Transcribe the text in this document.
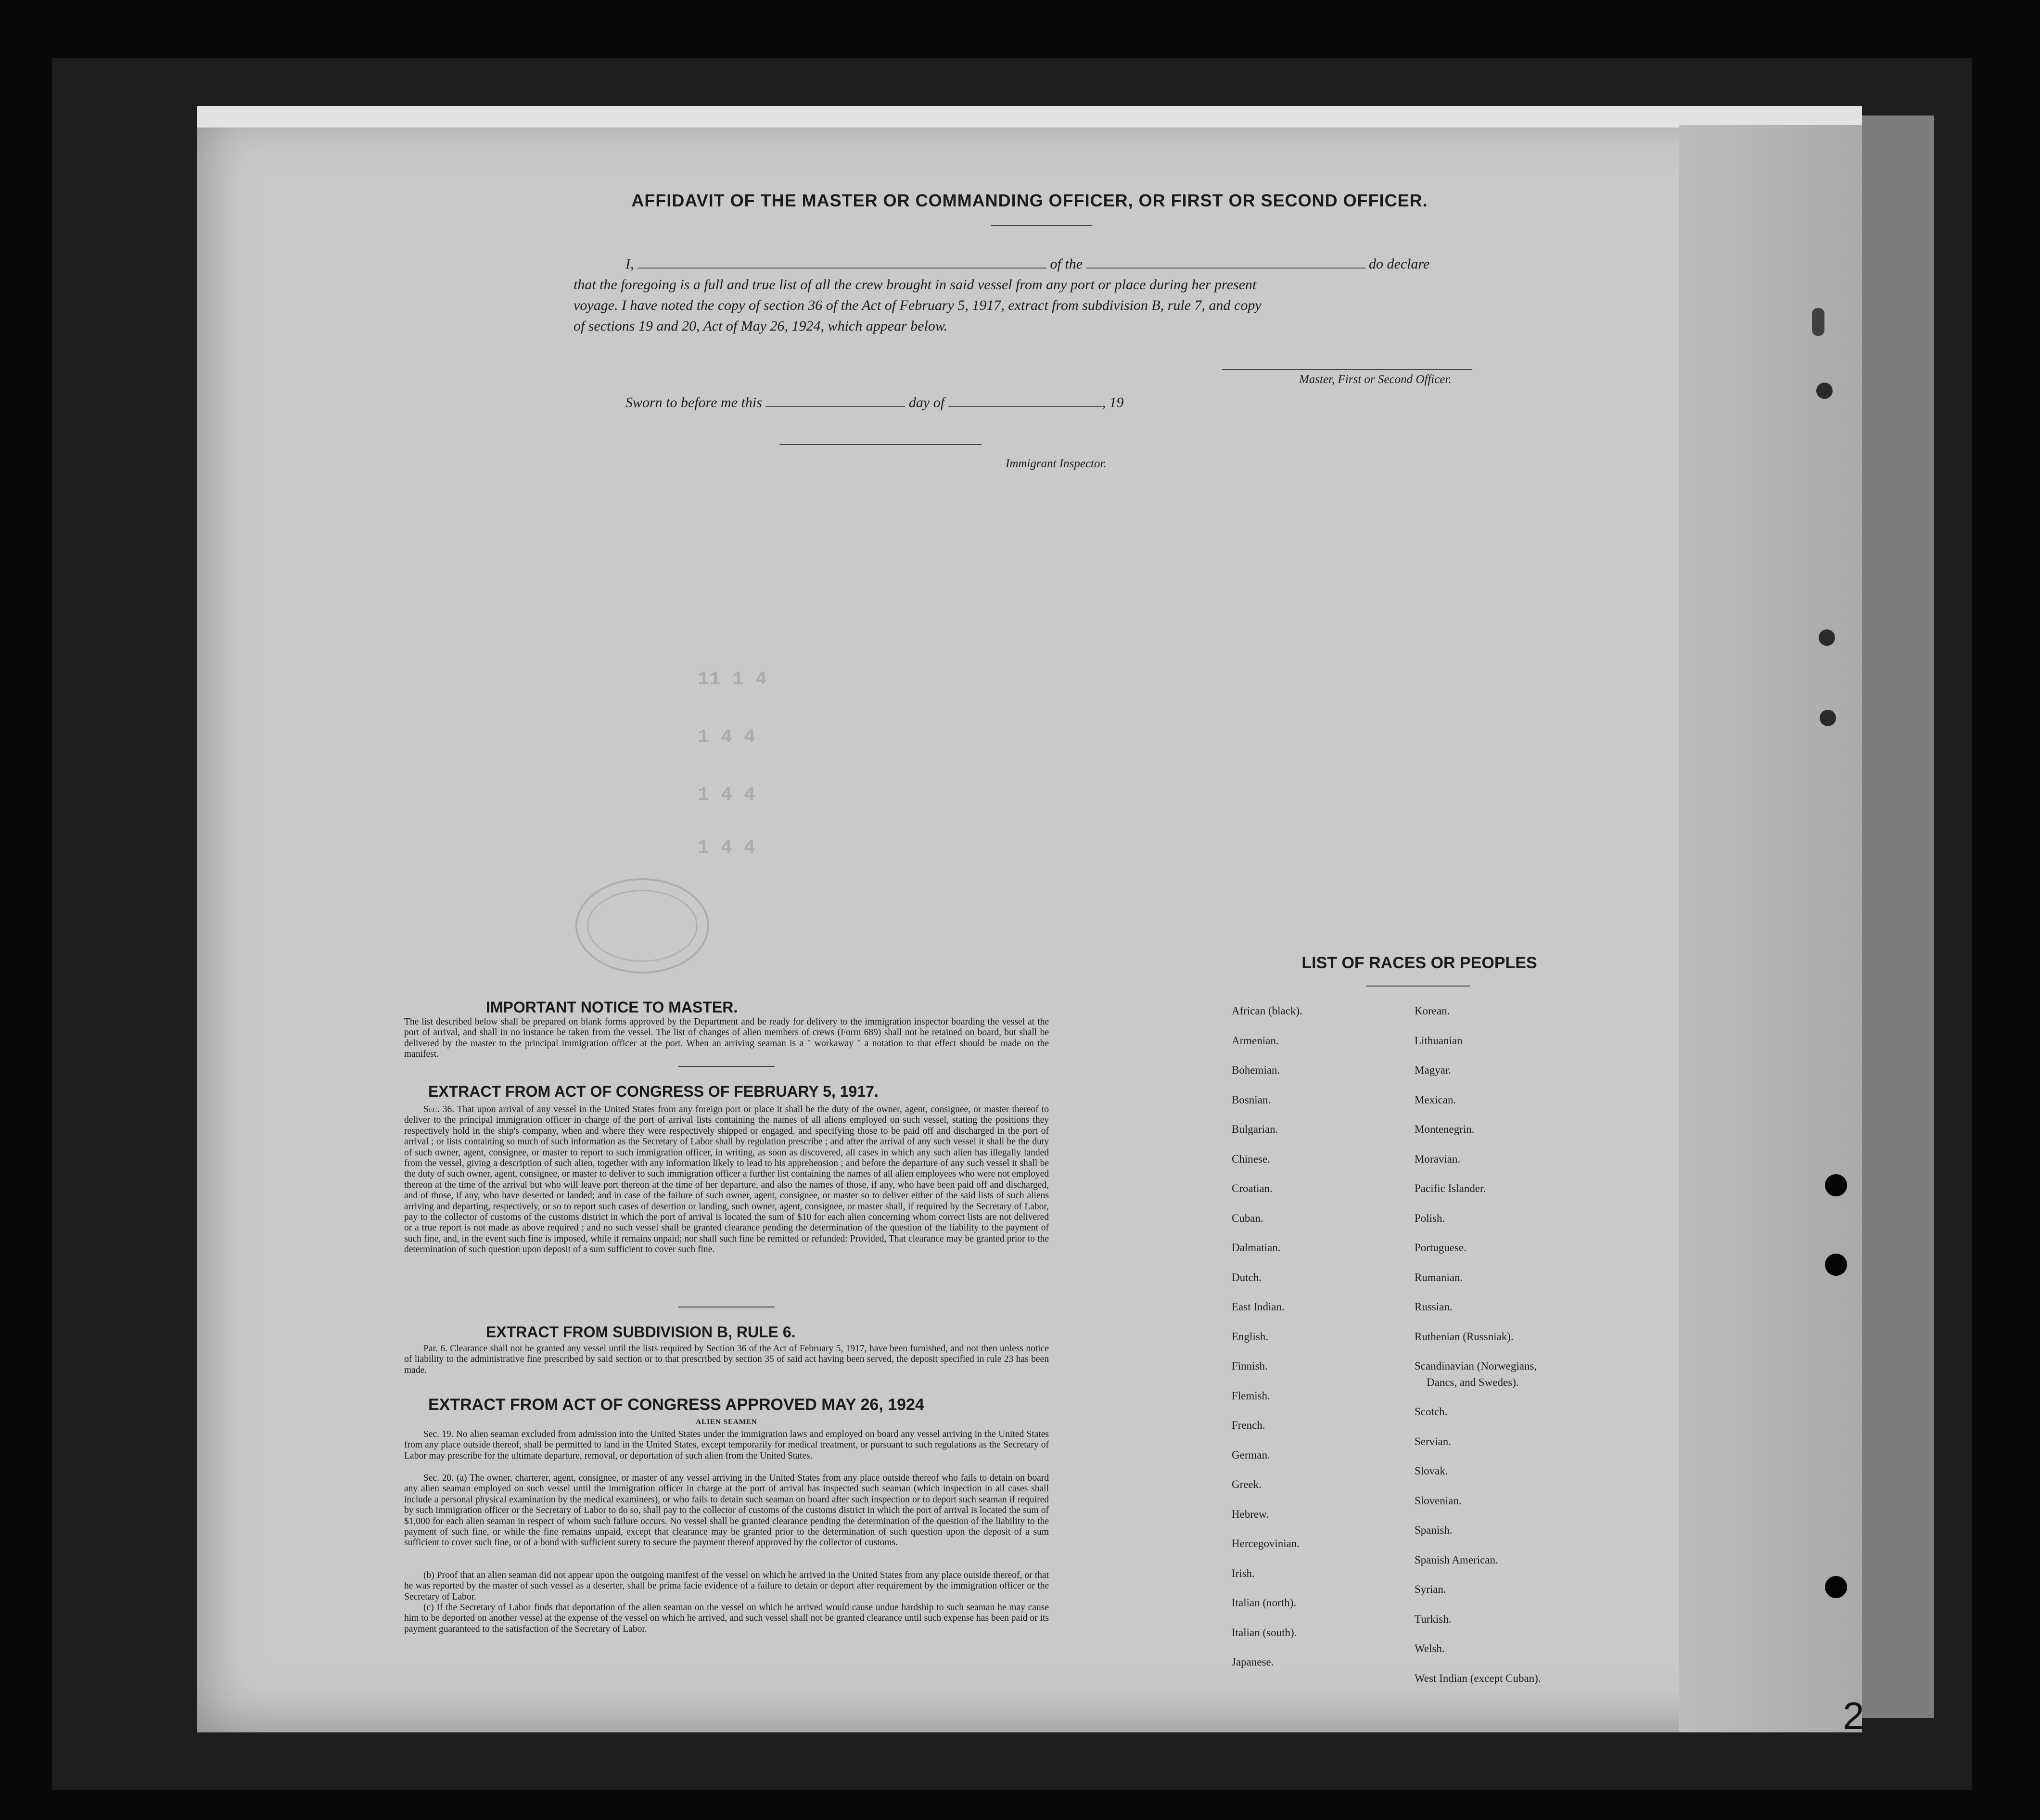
11 1 4
1 4 4
1 4 4
1 4 4
AFFIDAVIT OF THE MASTER OR COMMANDING OFFICER, OR FIRST OR SECOND OFFICER.
I,	of the	do declare
that the foregoing is a full and true list of all the crew brought in said vessel from any port or place during her present
voyage. I have noted the copy of section 36 of the Act of February 5, 1917, extract from subdivision B, rule 7, and copy
of sections 19 and 20, Act of May 26, 1924, which appear below.
Master, First or Second Officer.
Sworn to before me this	day of	, 19
Immigrant Inspector.
IMPORTANT NOTICE TO MASTER.

The list described below shall be prepared on blank forms approved by the Department and be ready for delivery to the immigration inspector boarding the vessel at the port of arrival, and shall in no instance be taken from the vessel. The list of changes of alien members of crews (Form 689) shall not be retained on board, but shall be delivered by the master to the principal immigration officer at the port. When an arriving seaman is a " workaway " a notation to that effect should be made on the manifest.

EXTRACT FROM ACT OF CONGRESS OF FEBRUARY 5, 1917.

Sec. 36. That upon arrival of any vessel in the United States from any foreign port or place it shall be the duty of the owner, agent, consignee, or master thereof to deliver to the principal immigration officer in charge of the port of arrival lists containing the names of all aliens employed on such vessel, stating the positions they respectively hold in the ship's company, when and where they were respectively shipped or engaged, and specifying those to be paid off and discharged in the port of arrival ; or lists containing so much of such information as the Secretary of Labor shall by regulation prescribe ; and after the arrival of any such vessel it shall be the duty of such owner, agent, consignee, or master to report to such immigration officer, in writing, as soon as discovered, all cases in which any such alien has illegally landed from the vessel, giving a description of such alien, together with any information likely to lead to his apprehension ; and before the departure of any such vessel it shall be the duty of such owner, agent, consignee, or master to deliver to such immigration officer a further list containing the names of all alien employees who were not employed thereon at the time of the arrival but who will leave port thereon at the time of her departure, and also the names of those, if any, who have been paid off and discharged, and of those, if any, who have deserted or landed; and in case of the failure of such owner, agent, consignee, or master so to deliver either of the said lists of such aliens arriving and departing, respectively, or so to report such cases of desertion or landing, such owner, agent, consignee, or master shall, if required by the Secretary of Labor, pay to the collector of customs of the customs district in which the port of arrival is located the sum of $10 for each alien concerning whom correct lists are not delivered or a true report is not made as above required ; and no such vessel shall be granted clearance pending the determination of the question of the liability to the payment of such fine, and, in the event such fine is imposed, while it remains unpaid; nor shall such fine be remitted or refunded: Provided, That clearance may be granted prior to the determination of such question upon deposit of a sum sufficient to cover such fine.

EXTRACT FROM SUBDIVISION B, RULE 6.

Par. 6. Clearance shall not be granted any vessel until the lists required by Section 36 of the Act of February 5, 1917, have been furnished, and not then unless notice of liability to the administrative fine prescribed by said section or to that prescribed by section 35 of said act having been served, the deposit specified in rule 23 has been made.

EXTRACT FROM ACT OF CONGRESS APPROVED MAY 26, 1924

ALIEN SEAMEN

Sec. 19. No alien seaman excluded from admission into the United States under the immigration laws and employed on board any vessel arriving in the United States from any place outside thereof, shall be permitted to land in the United States, except temporarily for medical treatment, or pursuant to such regulations as the Secretary of Labor may prescribe for the ultimate departure, removal, or deportation of such alien from the United States.

Sec. 20. (a) The owner, charterer, agent, consignee, or master of any vessel arriving in the United States from any place outside thereof who fails to detain on board any alien seaman employed on such vessel until the immigration officer in charge at the port of arrival has inspected such seaman (which inspection in all cases shall include a personal physical examination by the medical examiners), or who fails to detain such seaman on board after such inspection or to deport such seaman if required by such immigration officer or the Secretary of Labor to do so, shall pay to the collector of customs of the customs district in which the port of arrival is located the sum of $1,000 for each alien seaman in respect of whom such failure occurs. No vessel shall be granted clearance pending the determination of the question of the liability to the payment of such fine, or while the fine remains unpaid, except that clearance may be granted prior to the determination of such question upon the deposit of a sum sufficient to cover such fine, or of a bond with sufficient surety to secure the payment thereof approved by the collector of customs.

(b) Proof that an alien seaman did not appear upon the outgoing manifest of the vessel on which he arrived in the United States from any place outside thereof, or that he was reported by the master of such vessel as a deserter, shall be prima facie evidence of a failure to detain or deport after requirement by the immigration officer or the Secretary of Labor.

(c) If the Secretary of Labor finds that deportation of the alien seaman on the vessel on which he arrived would cause undue hardship to such seaman he may cause him to be deported on another vessel at the expense of the vessel on which he arrived, and such vessel shall not be granted clearance until such expense has been paid or its payment guaranteed to the satisfaction of the Secretary of Labor.

LIST OF RACES OR PEOPLES
African (black).
Armenian.
Bohemian.
Bosnian.
Bulgarian.
Chinese.
Croatian.
Cuban.
Dalmatian.
Dutch.
East Indian.
English.
Finnish.
Flemish.
French.
German.
Greek.
Hebrew.
Hercegovinian.
Irish.
Italian (north).
Italian (south).
Japanese.
Korean.
Lithuanian
Magyar.
Mexican.
Montenegrin.
Moravian.
Pacific Islander.
Polish.
Portuguese.
Rumanian.
Russian.
Ruthenian (Russniak).
Scandinavian (Norwegians,
Dancs, and Swedes).
Scotch.
Servian.
Slovak.
Slovenian.
Spanish.
Spanish American.
Syrian.
Turkish.
Welsh.
West Indian (except Cuban).
2
